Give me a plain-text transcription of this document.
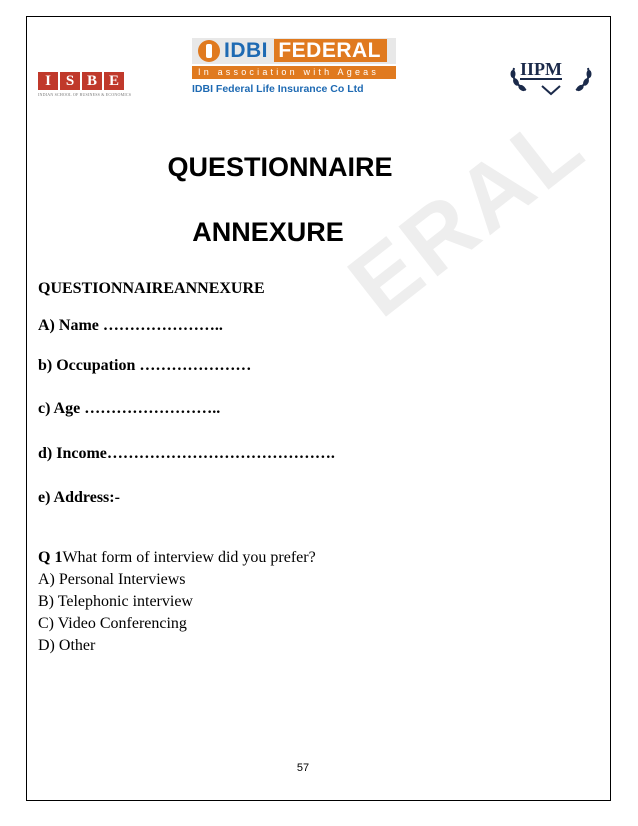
ERAL
I S B E
INDIAN SCHOOL OF BUSINESS & ECONOMICS
IDBI FEDERAL
In association with Ageas
IDBI Federal Life Insurance Co Ltd
IIPM
QUESTIONNAIRE
ANNEXURE
QUESTIONNAIREANNEXURE
A) Name …………………..
b) Occupation …………………
c) Age ……………………..
d) Income…………………………………….
e) Address:-
Q 1What form of interview did you prefer?
A) Personal Interviews
B) Telephonic interview
C) Video Conferencing
D) Other
57
